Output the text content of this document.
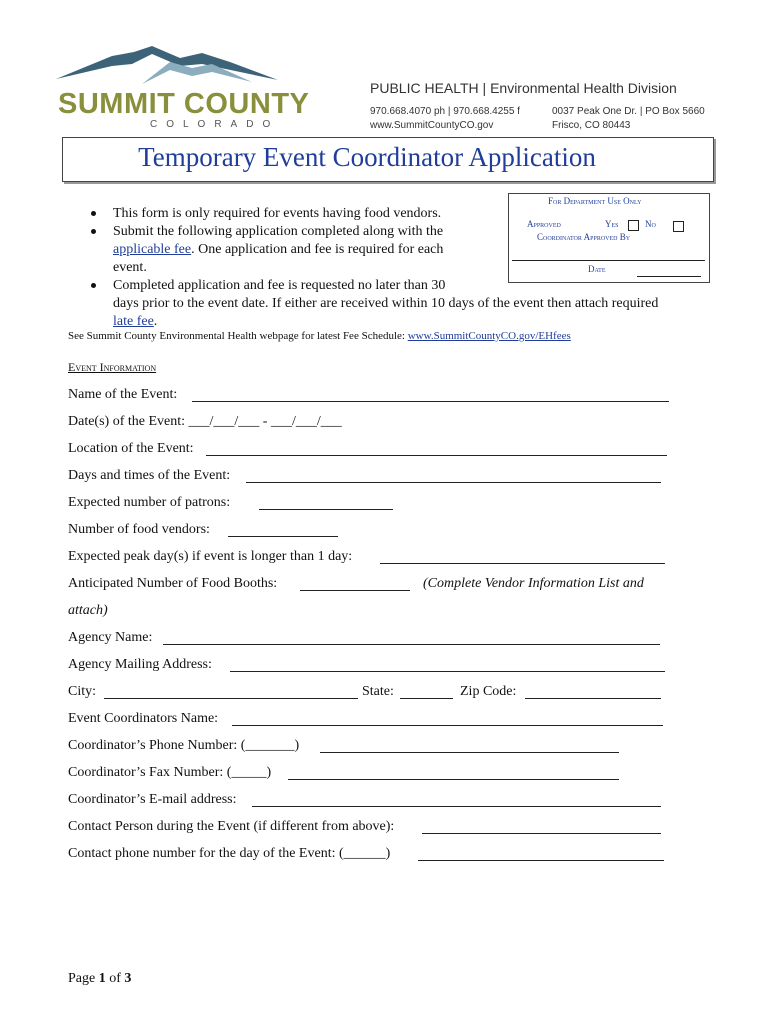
SUMMIT COUNTY
COLORADO
PUBLIC HEALTH | Environmental Health Division
970.668.4070 ph | 970.668.4255 f
www.SummitCountyCO.gov
0037 Peak One Dr. | PO Box 5660
Frisco, CO 80443
Temporary Event Coordinator Application
For Department Use Only
Approved	Yes	No
Coordinator Approved By
Date
This form is only required for events having food vendors.
Submit the following application completed along with the
applicable fee. One application and fee is required for each
event.
Completed application and fee is requested no later than 30
days prior to the event date. If either are received within 10 days of the event then attach required
late fee.
See Summit County Environmental Health webpage for latest Fee Schedule: www.SummitCountyCO.gov/EHfees
Event Information
Name of the Event:
Date(s) of the Event: ___/___/___ - ___/___/___
Location of the Event:
Days and times of the Event:
Expected number of patrons:
Number of food vendors:
Expected peak day(s) if event is longer than 1 day:
Anticipated Number of Food Booths:	(Complete Vendor Information List and
attach)
Agency Name:
Agency Mailing Address:
City:	State:	Zip Code:
Event Coordinators Name:
Coordinator’s Phone Number: (_______)
Coordinator’s Fax Number: (_____)
Coordinator’s E-mail address:
Contact Person during the Event (if different from above):
Contact phone number for the day of the Event: (______)
Page 1 of 3
